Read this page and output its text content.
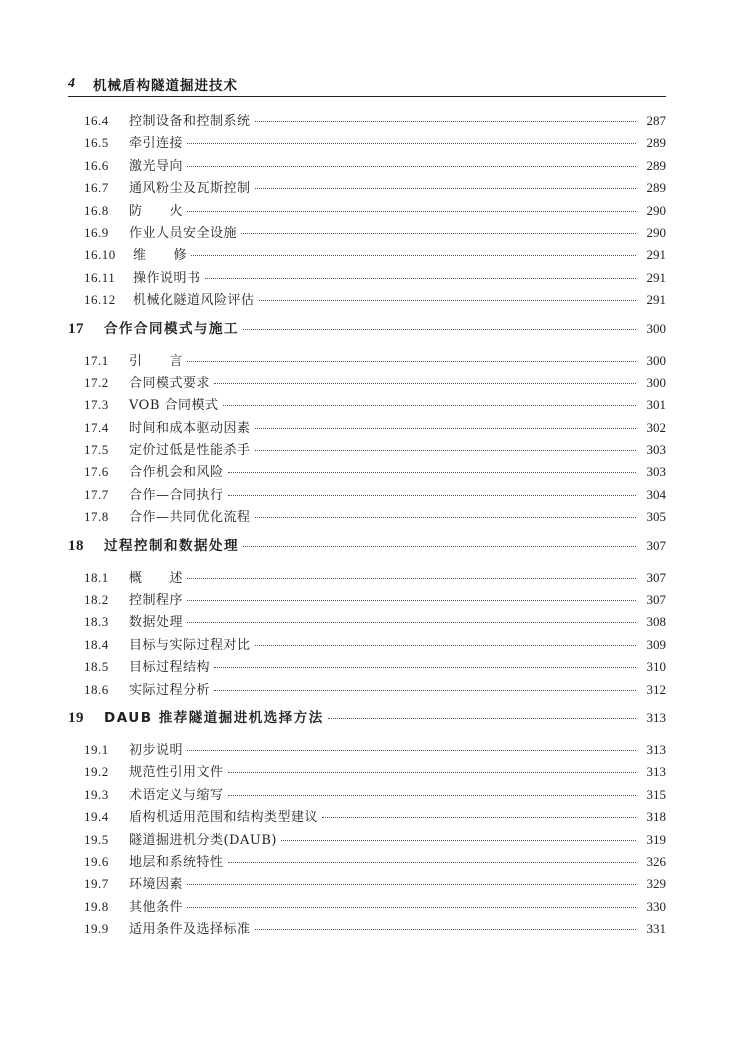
4 机械盾构隧道掘进技术
16.4	控制设备和控制系统	287
16.5	牵引连接	289
16.6	激光导向	289
16.7	通风粉尘及瓦斯控制	289
16.8	防　　火	290
16.9	作业人员安全设施	290
16.10	维　　修	291
16.11	操作说明书	291
16.12	机械化隧道风险评估	291
17	合作合同模式与施工	300
17.1	引　　言	300
17.2	合同模式要求	300
17.3	VOB 合同模式	301
17.4	时间和成本驱动因素	302
17.5	定价过低是性能杀手	303
17.6	合作机会和风险	303
17.7	合作—合同执行	304
17.8	合作—共同优化流程	305
18	过程控制和数据处理	307
18.1	概　　述	307
18.2	控制程序	307
18.3	数据处理	308
18.4	目标与实际过程对比	309
18.5	目标过程结构	310
18.6	实际过程分析	312
19	DAUB 推荐隧道掘进机选择方法	313
19.1	初步说明	313
19.2	规范性引用文件	313
19.3	术语定义与缩写	315
19.4	盾构机适用范围和结构类型建议	318
19.5	隧道掘进机分类(DAUB)	319
19.6	地层和系统特性	326
19.7	环境因素	329
19.8	其他条件	330
19.9	适用条件及选择标准	331
